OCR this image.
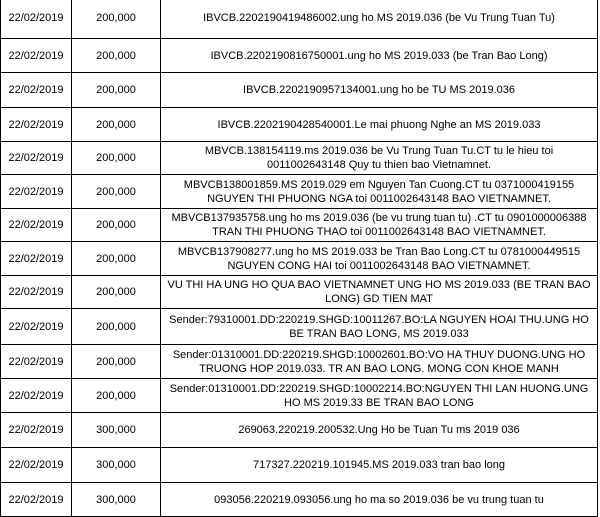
22/02/2019	200,000	IBVCB.2202190419486002.ung ho MS 2019.036 (be Vu Trung Tuan Tu)
22/02/2019	200,000	IBVCB.2202190816750001.ung ho MS 2019.033 (be Tran Bao Long)
22/02/2019	200,000	IBVCB.2202190957134001.ung ho be TU MS 2019.036
22/02/2019	200,000	IBVCB.2202190428540001.Le mai phuong Nghe an MS 2019.033
22/02/2019	200,000	MBVCB.138154119.ms 2019.036 be Vu Trung Tuan Tu.CT tu le hieu toi 0011002643148 Quy tu thien bao Vietnamnet.
22/02/2019	200,000	MBVCB138001859.MS 2019.029 em Nguyen Tan Cuong.CT tu 0371000419155 NGUYEN THI PHUONG NGA toi 0011002643148 BAO VIETNAMNET.
22/02/2019	200,000	MBVCB137935758.ung ho ms 2019.036 (be vu trung tuan tu) .CT tu 0901000006388 TRAN THI PHUONG THAO toi 0011002643148 BAO VIETNAMNET.
22/02/2019	200,000	MBVCB137908277.ung ho MS 2019.033 be Tran Bao Long.CT tu 0781000449515 NGUYEN CONG HAI toi 0011002643148 BAO VIETNAMNET.
22/02/2019	200,000	VU THI HA UNG HO QUA BAO VIETNAMNET UNG HO MS 2019.033 (BE TRAN BAO LONG) GD TIEN MAT
22/02/2019	200,000	Sender:79310001.DD:220219.SHGD:10011267.BO:LA NGUYEN HOAI THU.UNG HO BE TRAN BAO LONG, MS 2019.033
22/02/2019	200,000	Sender:01310001.DD:220219.SHGD:10002601.BO:VO HA THUY DUONG.UNG HO TRUONG HOP 2019.033. TR AN BAO LONG. MONG CON KHOE MANH
22/02/2019	200,000	Sender:01310001.DD:220219.SHGD:10002214.BO:NGUYEN THI LAN HUONG.UNG HO MS 2019.33 BE TRAN BAO LONG
22/02/2019	300,000	269063.220219.200532.Ung Ho be Tuan Tu ms 2019 036
22/02/2019	300,000	717327.220219.101945.MS 2019.033 tran bao long
22/02/2019	300,000	093056.220219.093056.ung ho ma so 2019.036 be vu trung tuan tu
